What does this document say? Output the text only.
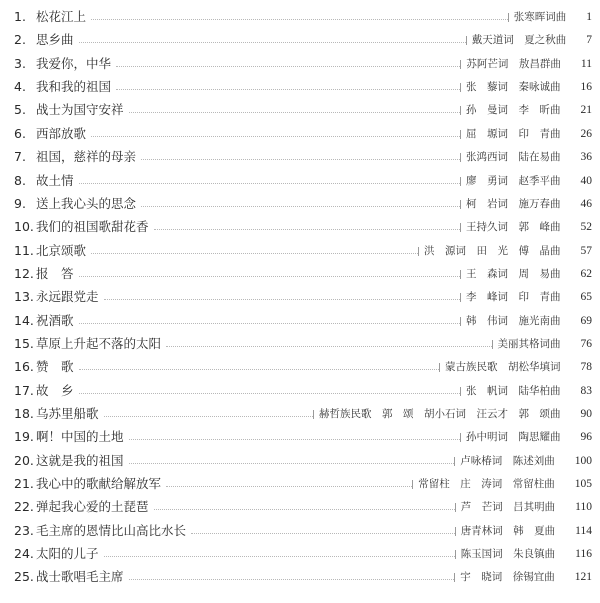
1. 松花江上	张寒晖词曲 1
2. 思乡曲	戴天道词　夏之秋曲 7
3. 我爱你，中华	苏阿芒词　敖昌群曲 11
4. 我和我的祖国	张　藜词　秦咏诚曲 16
5. 战士为国守安祥	孙　曼词　李　昕曲 21
6. 西部放歌	屈　塬词　印　青曲 26
7. 祖国，慈祥的母亲	张鸿西词　陆在易曲 36
8. 故土情	廖　勇词　赵季平曲 40
9. 送上我心头的思念	柯　岩词　施万春曲 46
10. 我们的祖国歌甜花香	王持久词　郭　峰曲 52
11. 北京颂歌	洪　源词　田　光　傅　晶曲 57
12. 报　答	王　森词　周　易曲 62
13. 永远跟党走	李　峰词　印　青曲 65
14. 祝酒歌	韩　伟词　施光南曲 69
15. 草原上升起不落的太阳	美丽其格词曲 76
16. 赞　歌	蒙古族民歌　胡松华填词 78
17. 故　乡	张　帆词　陆华柏曲 83
18. 乌苏里船歌	赫哲族民歌　郭　颂　胡小石词　汪云才　郭　颂曲 90
19. 啊！中国的土地	孙中明词　陶思耀曲 96
20. 这就是我的祖国	卢咏椿词　陈述刘曲 100
21. 我心中的歌献给解放军	常留柱　庄　涛词　常留柱曲 105
22. 弹起我心爱的土琵琶	芦　芒词　吕其明曲 110
23. 毛主席的恩情比山高比水长	唐青林词　韩　夏曲 114
24. 太阳的儿子	陈玉国词　朱良镇曲 116
25. 战士歌唱毛主席	宇　晓词　徐锡宜曲 121
